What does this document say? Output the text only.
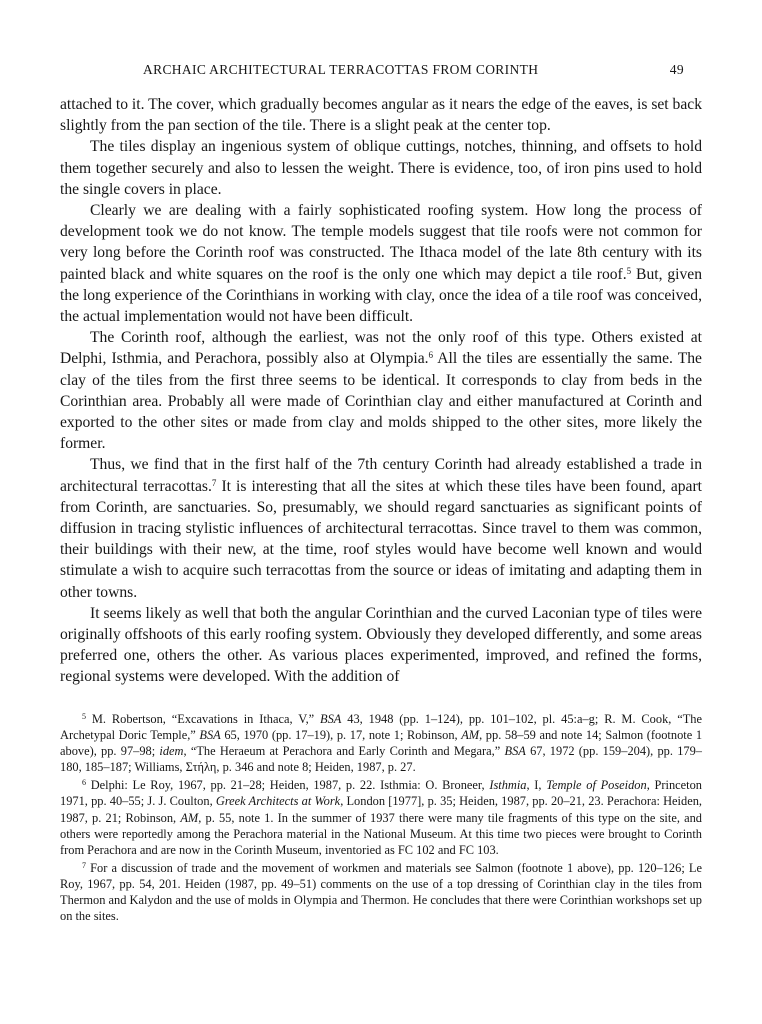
ARCHAIC ARCHITECTURAL TERRACOTTAS FROM CORINTH	49

attached to it. The cover, which gradually becomes angular as it nears the edge of the eaves, is set back slightly from the pan section of the tile. There is a slight peak at the center top.

The tiles display an ingenious system of oblique cuttings, notches, thinning, and offsets to hold them together securely and also to lessen the weight. There is evidence, too, of iron pins used to hold the single covers in place.

Clearly we are dealing with a fairly sophisticated roofing system. How long the process of development took we do not know. The temple models suggest that tile roofs were not common for very long before the Corinth roof was constructed. The Ithaca model of the late 8th century with its painted black and white squares on the roof is the only one which may depict a tile roof.$^5$ But, given the long experience of the Corinthians in working with clay, once the idea of a tile roof was conceived, the actual implementation would not have been difficult.

The Corinth roof, although the earliest, was not the only roof of this type. Others existed at Delphi, Isthmia, and Perachora, possibly also at Olympia.$^6$ All the tiles are essentially the same. The clay of the tiles from the first three seems to be identical. It corresponds to clay from beds in the Corinthian area. Probably all were made of Corinthian clay and either manufactured at Corinth and exported to the other sites or made from clay and molds shipped to the other sites, more likely the former.

Thus, we find that in the first half of the 7th century Corinth had already established a trade in architectural terracottas.$^7$ It is interesting that all the sites at which these tiles have been found, apart from Corinth, are sanctuaries. So, presumably, we should regard sanctuaries as significant points of diffusion in tracing stylistic influences of architectural terracottas. Since travel to them was common, their buildings with their new, at the time, roof styles would have become well known and would stimulate a wish to acquire such terracottas from the source or ideas of imitating and adapting them in other towns.

It seems likely as well that both the angular Corinthian and the curved Laconian type of tiles were originally offshoots of this early roofing system. Obviously they developed differently, and some areas preferred one, others the other. As various places experimented, improved, and refined the forms, regional systems were developed. With the addition of

$^5$ M. Robertson, “Excavations in Ithaca, V,” BSA 43, 1948 (pp. 1–124), pp. 101–102, pl. 45:a–g; R. M. Cook, “The Archetypal Doric Temple,” BSA 65, 1970 (pp. 17–19), p. 17, note 1; Robinson, AM, pp. 58–59 and note 14; Salmon (footnote 1 above), pp. 97–98; idem, “The Heraeum at Perachora and Early Corinth and Megara,” BSA 67, 1972 (pp. 159–204), pp. 179–180, 185–187; Williams, Στήλη, p. 346 and note 8; Heiden, 1987, p. 27.

$^6$ Delphi: Le Roy, 1967, pp. 21–28; Heiden, 1987, p. 22. Isthmia: O. Broneer, Isthmia, I, Temple of Poseidon, Princeton 1971, pp. 40–55; J. J. Coulton, Greek Architects at Work, London [1977], p. 35; Heiden, 1987, pp. 20–21, 23. Perachora: Heiden, 1987, p. 21; Robinson, AM, p. 55, note 1. In the summer of 1937 there were many tile fragments of this type on the site, and others were reportedly among the Perachora material in the National Museum. At this time two pieces were brought to Corinth from Perachora and are now in the Corinth Museum, inventoried as FC 102 and FC 103.

$^7$ For a discussion of trade and the movement of workmen and materials see Salmon (footnote 1 above), pp. 120–126; Le Roy, 1967, pp. 54, 201. Heiden (1987, pp. 49–51) comments on the use of a top dressing of Corinthian clay in the tiles from Thermon and Kalydon and the use of molds in Olympia and Thermon. He concludes that there were Corinthian workshops set up on the sites.
